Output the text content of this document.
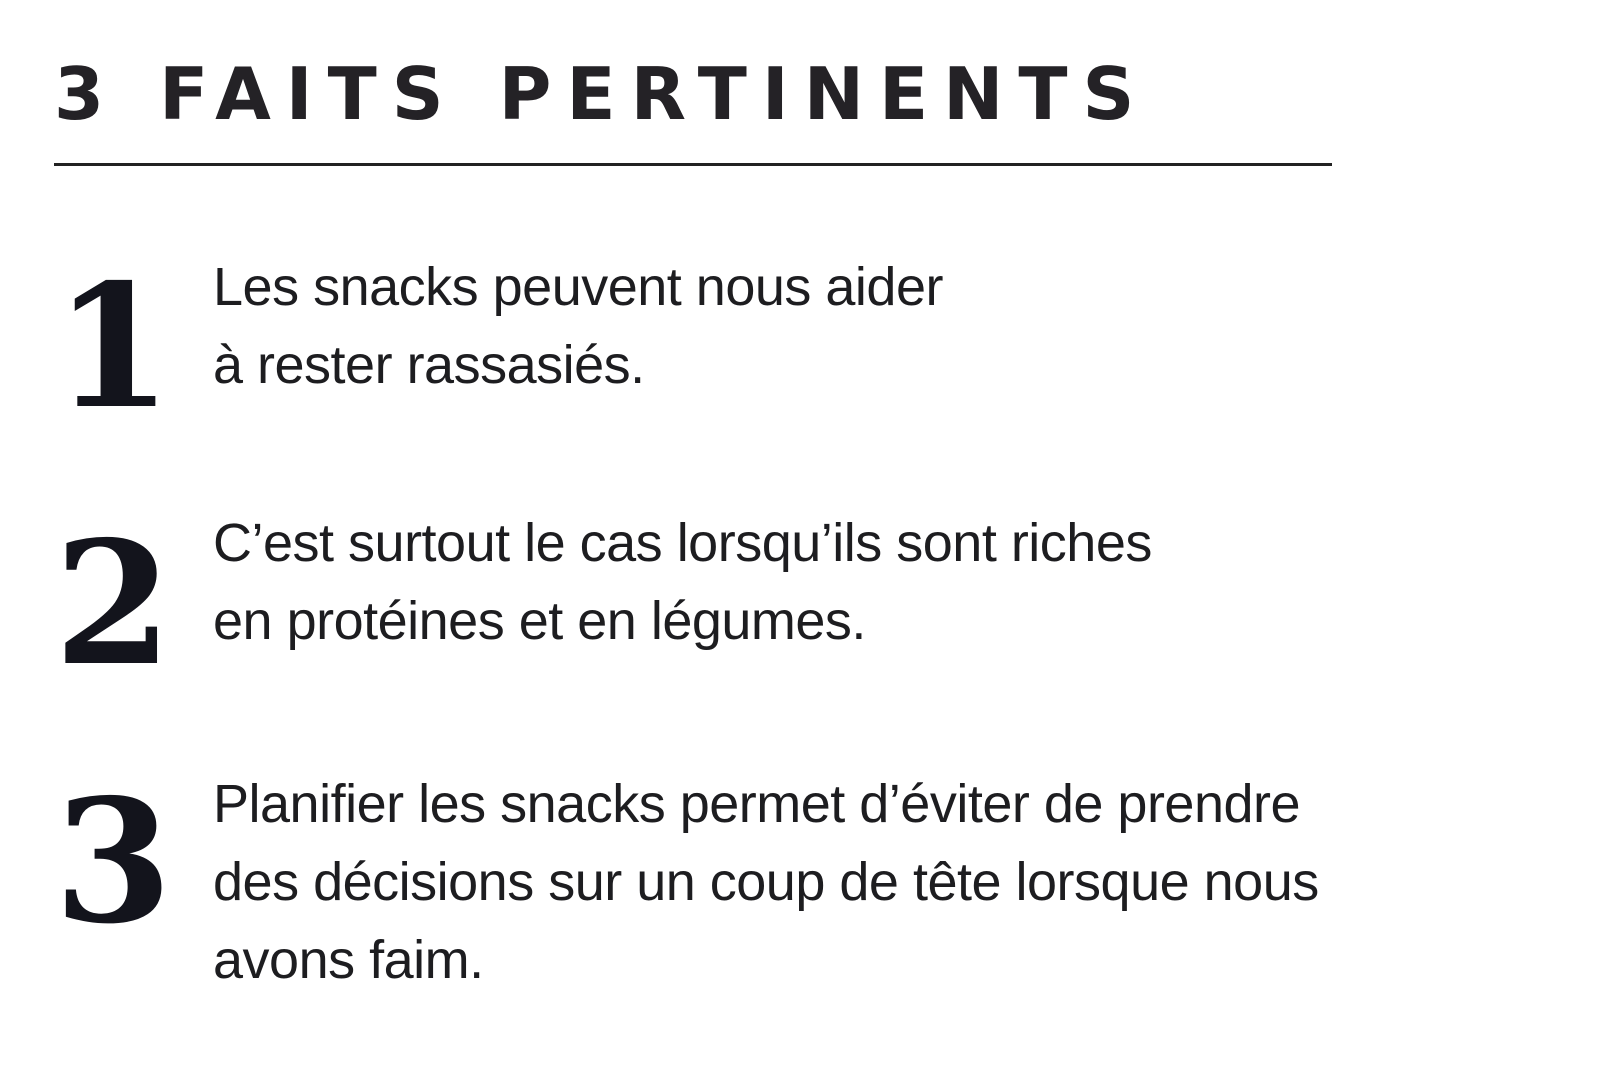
3 FAITS PERTINENTS
1 Les snacks peuvent nous aider
à rester rassasiés.

2 C’est surtout le cas lorsqu’ils sont riches
en protéines et en légumes.

3 Planifier les snacks permet d’éviter de prendre
des décisions sur un coup de tête lorsque nous
avons faim.
